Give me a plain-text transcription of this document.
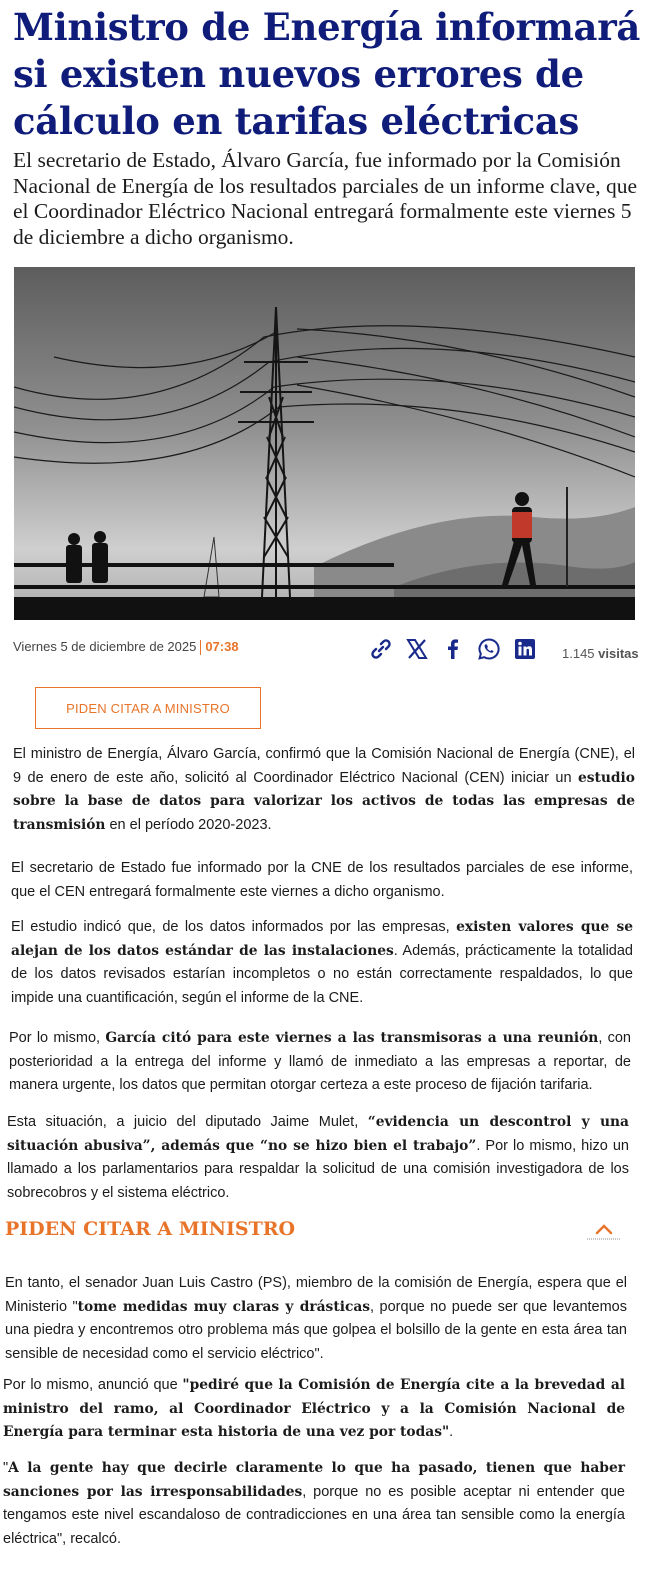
Ministro de Energía informará si existen nuevos errores de cálculo en tarifas eléctricas

El secretario de Estado, Álvaro García, fue informado por la Comisión Nacional de Energía de los resultados parciales de un informe clave, que el Coordinador Eléctrico Nacional entregará formalmente este viernes 5 de diciembre a dicho organismo.

Viernes 5 de diciembre de 2025 07:38	1.145 visitas
PIDEN CITAR A MINISTRO

El ministro de Energía, Álvaro García, confirmó que la Comisión Nacional de Energía (CNE), el 9 de enero de este año, solicitó al Coordinador Eléctrico Nacional (CEN) iniciar un estudio sobre la base de datos para valorizar los activos de todas las empresas de transmisión en el período 2020-2023.

El secretario de Estado fue informado por la CNE de los resultados parciales de ese informe, que el CEN entregará formalmente este viernes a dicho organismo.

El estudio indicó que, de los datos informados por las empresas, existen valores que se alejan de los datos estándar de las instalaciones. Además, prácticamente la totalidad de los datos revisados estarían incompletos o no están correctamente respaldados, lo que impide una cuantificación, según el informe de la CNE.

Por lo mismo, García citó para este viernes a las transmisoras a una reunión, con posterioridad a la entrega del informe y llamó de inmediato a las empresas a reportar, de manera urgente, los datos que permitan otorgar certeza a este proceso de fijación tarifaria.

Esta situación, a juicio del diputado Jaime Mulet, “evidencia un descontrol y una situación abusiva”, además que “no se hizo bien el trabajo”. Por lo mismo, hizo un llamado a los parlamentarios para respaldar la solicitud de una comisión investigadora de los sobrecobros y el sistema eléctrico.

PIDEN CITAR A MINISTRO

En tanto, el senador Juan Luis Castro (PS), miembro de la comisión de Energía, espera que el Ministerio "tome medidas muy claras y drásticas, porque no puede ser que levantemos una piedra y encontremos otro problema más que golpea el bolsillo de la gente en esta área tan sensible de necesidad como el servicio eléctrico".

Por lo mismo, anunció que "pediré que la Comisión de Energía cite a la brevedad al ministro del ramo, al Coordinador Eléctrico y a la Comisión Nacional de Energía para terminar esta historia de una vez por todas".

"A la gente hay que decirle claramente lo que ha pasado, tienen que haber sanciones por las irresponsabilidades, porque no es posible aceptar ni entender que tengamos este nivel escandaloso de contradicciones en una área tan sensible como la energía eléctrica", recalcó.
